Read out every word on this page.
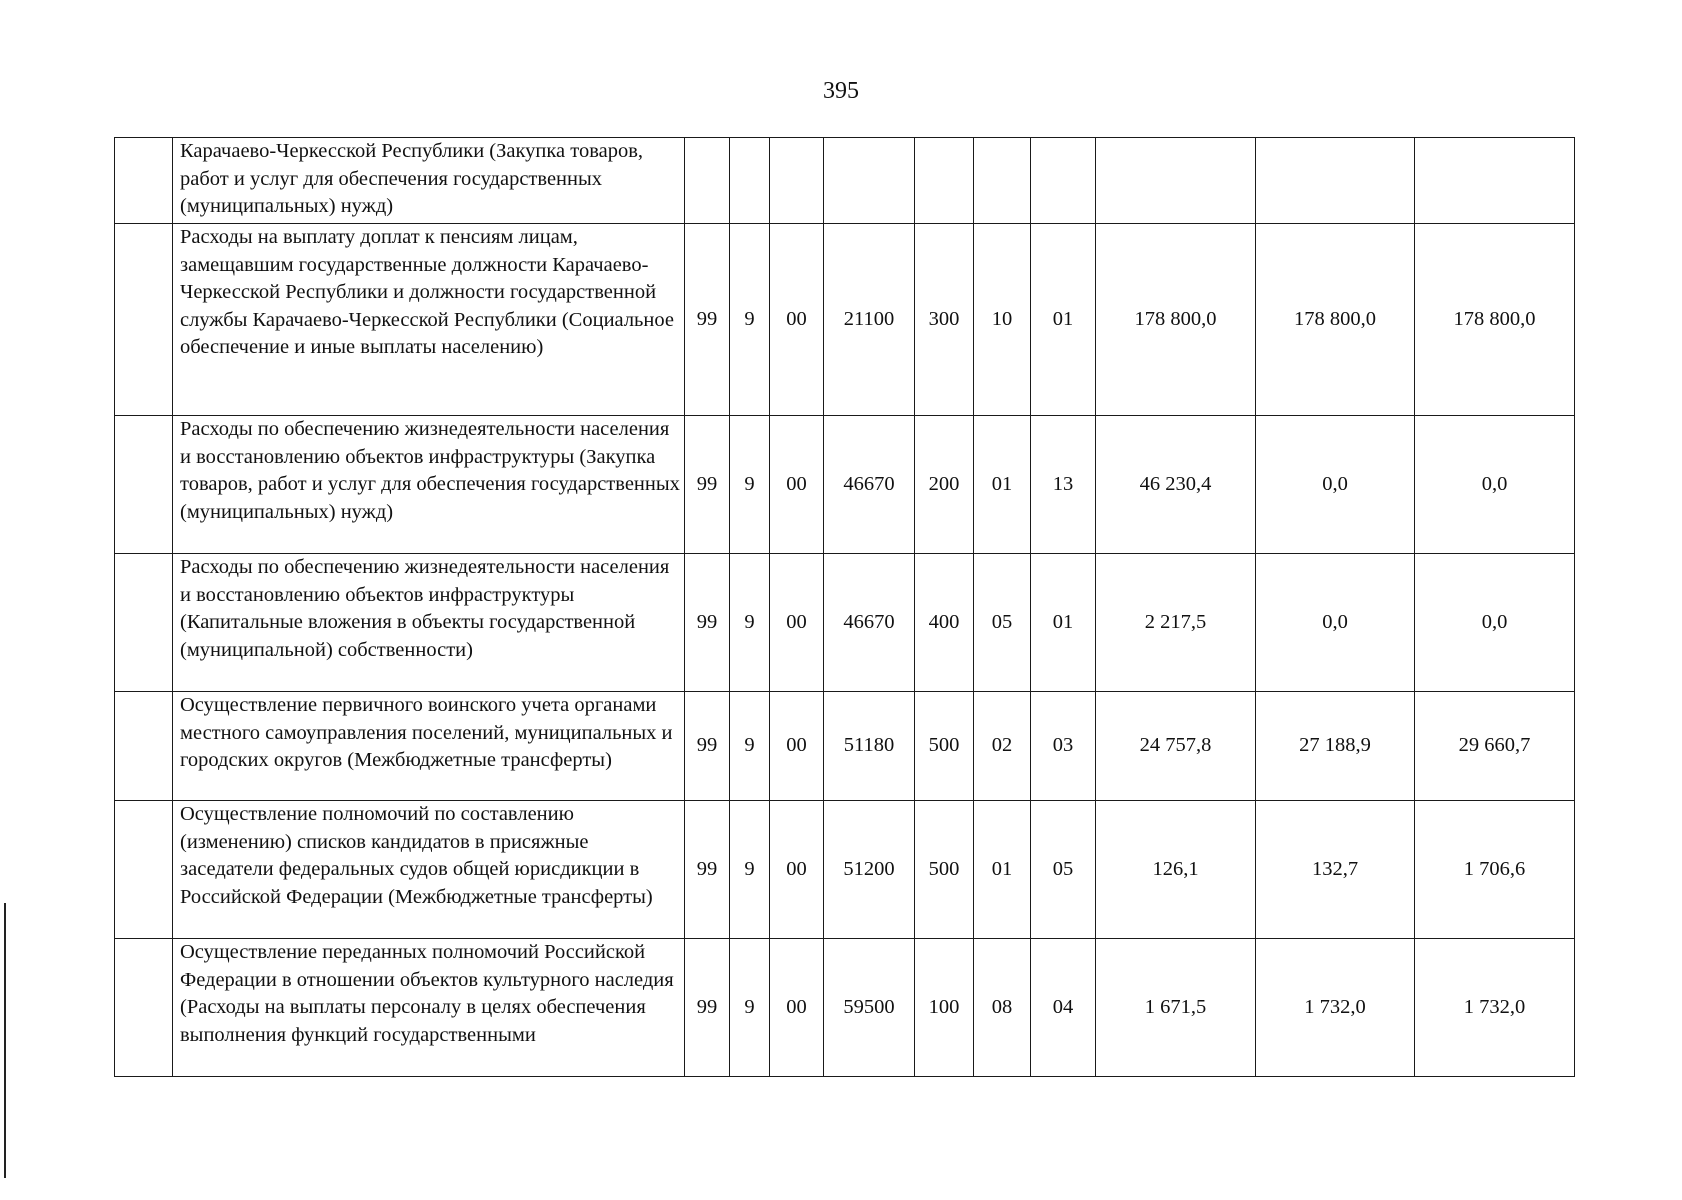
395
	Карачаево-Черкесской Республики (Закупка товаров, работ и услуг для обеспечения государственных (муниципальных) нужд)										
	Расходы на выплату доплат к пенсиям лицам, замещавшим государственные должности Карачаево-Черкесской Республики и должности государственной службы Карачаево-Черкесской Республики (Социальное обеспечение и иные выплаты населению)	99	9	00	21100	300	10	01	178 800,0	178 800,0	178 800,0
	Расходы по обеспечению жизнедеятельности населения и восстановлению объектов инфраструктуры (Закупка товаров, работ и услуг для обеспечения государственных (муниципальных) нужд)	99	9	00	46670	200	01	13	46 230,4	0,0	0,0
	Расходы по обеспечению жизнедеятельности населения и восстановлению объектов инфраструктуры (Капитальные вложения в объекты государственной (муниципальной) собственности)	99	9	00	46670	400	05	01	2 217,5	0,0	0,0
	Осуществление первичного воинского учета органами местного самоуправления поселений, муниципальных и городских округов (Межбюджетные трансферты)	99	9	00	51180	500	02	03	24 757,8	27 188,9	29 660,7
	Осуществление полномочий по составлению (изменению) списков кандидатов в присяжные заседатели федеральных судов общей юрисдикции в Российской Федерации (Межбюджетные трансферты)	99	9	00	51200	500	01	05	126,1	132,7	1 706,6
	Осуществление переданных полномочий Российской Федерации в отношении объектов культурного наследия (Расходы на выплаты персоналу в целях обеспечения выполнения функций государственными	99	9	00	59500	100	08	04	1 671,5	1 732,0	1 732,0
